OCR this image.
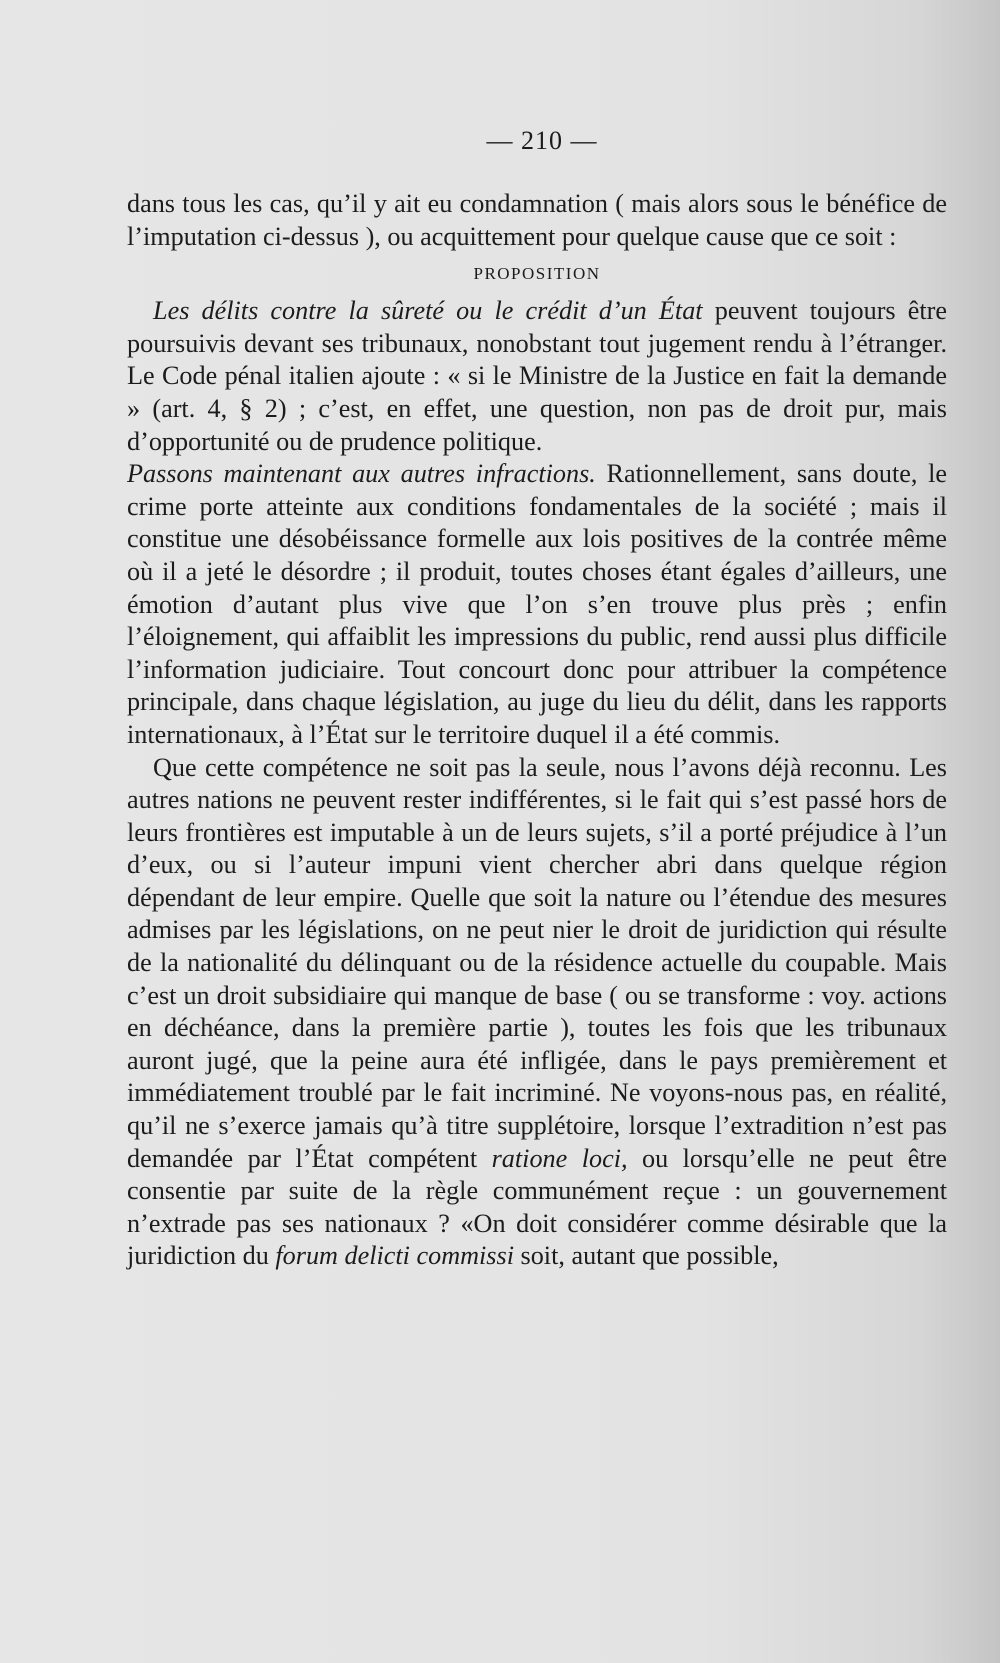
— 210 —

dans tous les cas, qu’il y ait eu condamnation ( mais alors sous le bénéfice de l’imputation ci-dessus ), ou acquittement pour quelque cause que ce soit :

PROPOSITION

Les délits contre la sûreté ou le crédit d’un État peuvent toujours être poursuivis devant ses tribunaux, nonobstant tout jugement rendu à l’étranger. Le Code pénal italien ajoute : « si le Ministre de la Justice en fait la demande » (art. 4, § 2) ; c’est, en effet, une question, non pas de droit pur, mais d’opportunité ou de prudence politique.

Passons maintenant aux autres infractions. Rationnellement, sans doute, le crime porte atteinte aux conditions fondamentales de la société ; mais il constitue une désobéissance formelle aux lois positives de la contrée même où il a jeté le désordre ; il produit, toutes choses étant égales d’ailleurs, une émotion d’autant plus vive que l’on s’en trouve plus près ; enfin l’éloignement, qui affaiblit les impressions du public, rend aussi plus difficile l’information judiciaire. Tout concourt donc pour attribuer la compétence principale, dans chaque législation, au juge du lieu du délit, dans les rapports internationaux, à l’État sur le territoire duquel il a été commis.

Que cette compétence ne soit pas la seule, nous l’avons déjà reconnu. Les autres nations ne peuvent rester indifférentes, si le fait qui s’est passé hors de leurs frontières est imputable à un de leurs sujets, s’il a porté préjudice à l’un d’eux, ou si l’auteur impuni vient chercher abri dans quelque région dépendant de leur empire. Quelle que soit la nature ou l’étendue des mesures admises par les législations, on ne peut nier le droit de juridiction qui résulte de la nationalité du délinquant ou de la résidence actuelle du coupable. Mais c’est un droit subsidiaire qui manque de base ( ou se transforme : voy. actions en déchéance, dans la première partie ), toutes les fois que les tribunaux auront jugé, que la peine aura été infligée, dans le pays premièrement et immédiatement troublé par le fait incriminé. Ne voyons-nous pas, en réalité, qu’il ne s’exerce jamais qu’à titre supplétoire, lorsque l’extradition n’est pas demandée par l’État compétent ratione loci, ou lorsqu’elle ne peut être consentie par suite de la règle communément reçue : un gouvernement n’extrade pas ses nationaux ? «On doit considérer comme désirable que la juridiction du forum delicti commissi soit, autant que possible,
